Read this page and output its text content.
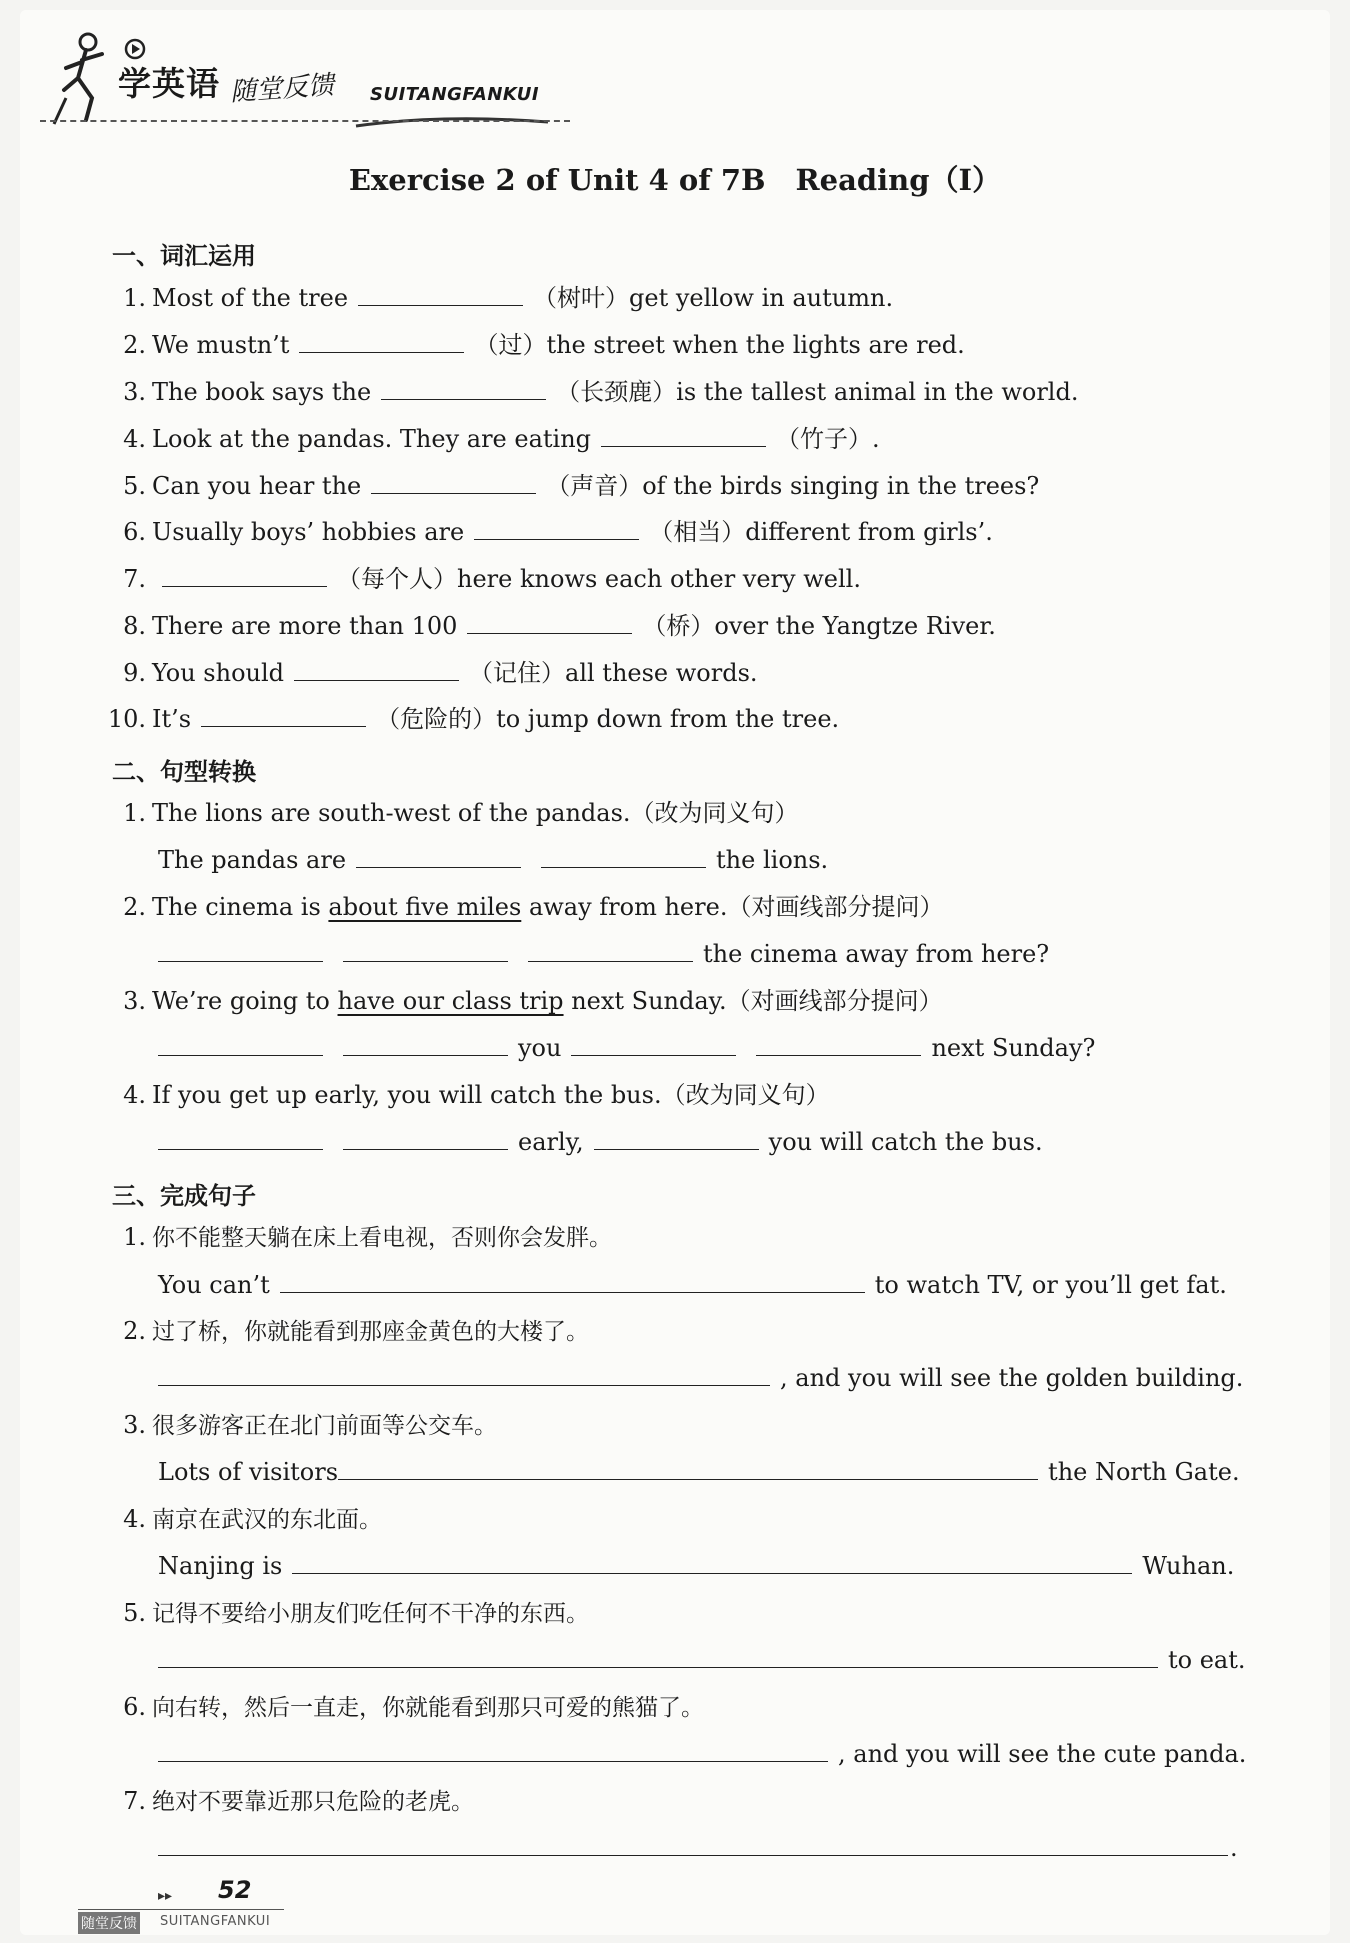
学英语 随堂反馈 SUITANGFANKUI
Exercise 2 of Unit 4 of 7B Reading（Ⅰ）
一、词汇运用
1. Most of the tree	（树叶）get yellow in autumn.
2. We mustn’t	（过）the street when the lights are red.
3. The book says the	（长颈鹿）is the tallest animal in the world.
4. Look at the pandas. They are eating	（竹子）.
5. Can you hear the	（声音）of the birds singing in the trees?
6. Usually boys’ hobbies are	（相当）different from girls’.
7.	（每个人）here knows each other very well.
8. There are more than 100	（桥）over the Yangtze River.
9. You should	（记住）all these words.
10. It’s	（危险的）to jump down from the tree.
二、句型转换
1. The lions are south-west of the pandas.（改为同义句）
The pandas are	the lions.
2. The cinema is about five miles away from here.（对画线部分提问）
the cinema away from here?
3. We’re going to have our class trip next Sunday.（对画线部分提问）
you	next Sunday?
4. If you get up early, you will catch the bus.（改为同义句）
early,	you will catch the bus.
三、完成句子
1. 你不能整天躺在床上看电视，否则你会发胖。
You can’t	to watch TV, or you’ll get fat.
2. 过了桥，你就能看到那座金黄色的大楼了。
, and you will see the golden building.
3. 很多游客正在北门前面等公交车。
Lots of visitors	the North Gate.
4. 南京在武汉的东北面。
Nanjing is	Wuhan.
5. 记得不要给小朋友们吃任何不干净的东西。
to eat.
6. 向右转，然后一直走，你就能看到那只可爱的熊猫了。
, and you will see the cute panda.
7. 绝对不要靠近那只危险的老虎。
.
▸▸ 52
随堂反馈 SUITANGFANKUI
